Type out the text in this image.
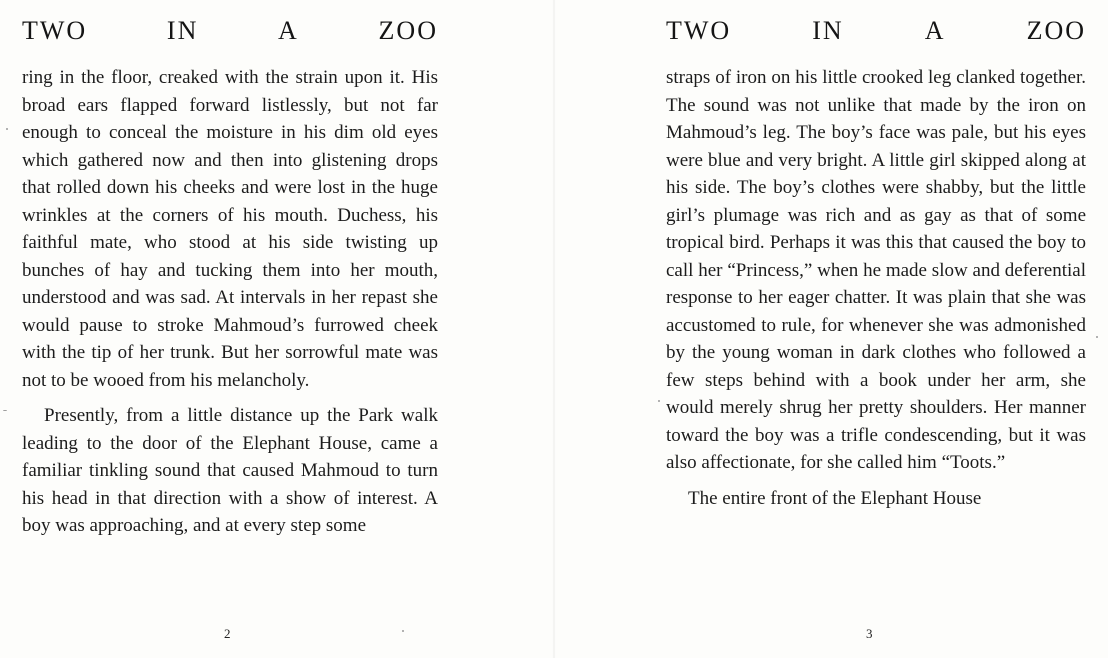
TWO	IN	A	ZOO

ring in the floor, creaked with the strain upon it. His broad ears flapped forward listlessly, but not far enough to conceal the moisture in his dim old eyes which gathered now and then into glistening drops that rolled down his cheeks and were lost in the huge wrinkles at the corners of his mouth. Duchess, his faithful mate, who stood at his side twisting up bunches of hay and tucking them into her mouth, understood and was sad. At intervals in her repast she would pause to stroke Mahmoud’s furrowed cheek with the tip of her trunk. But her sorrowful mate was not to be wooed from his melancholy.

Presently, from a little distance up the Park walk leading to the door of the Elephant House, came a familiar tinkling sound that caused Mahmoud to turn his head in that direction with a show of interest. A boy was approaching, and at every step some

2
TWO	IN	A	ZOO

straps of iron on his little crooked leg clanked together. The sound was not unlike that made by the iron on Mahmoud’s leg. The boy’s face was pale, but his eyes were blue and very bright. A little girl skipped along at his side. The boy’s clothes were shabby, but the little girl’s plumage was rich and as gay as that of some tropical bird. Perhaps it was this that caused the boy to call her “Princess,” when he made slow and deferential response to her eager chatter. It was plain that she was accustomed to rule, for whenever she was admonished by the young woman in dark clothes who followed a few steps behind with a book under her arm, she would merely shrug her pretty shoulders. Her manner toward the boy was a trifle condescending, but it was also affectionate, for she called him “Toots.”

The entire front of the Elephant House

3
